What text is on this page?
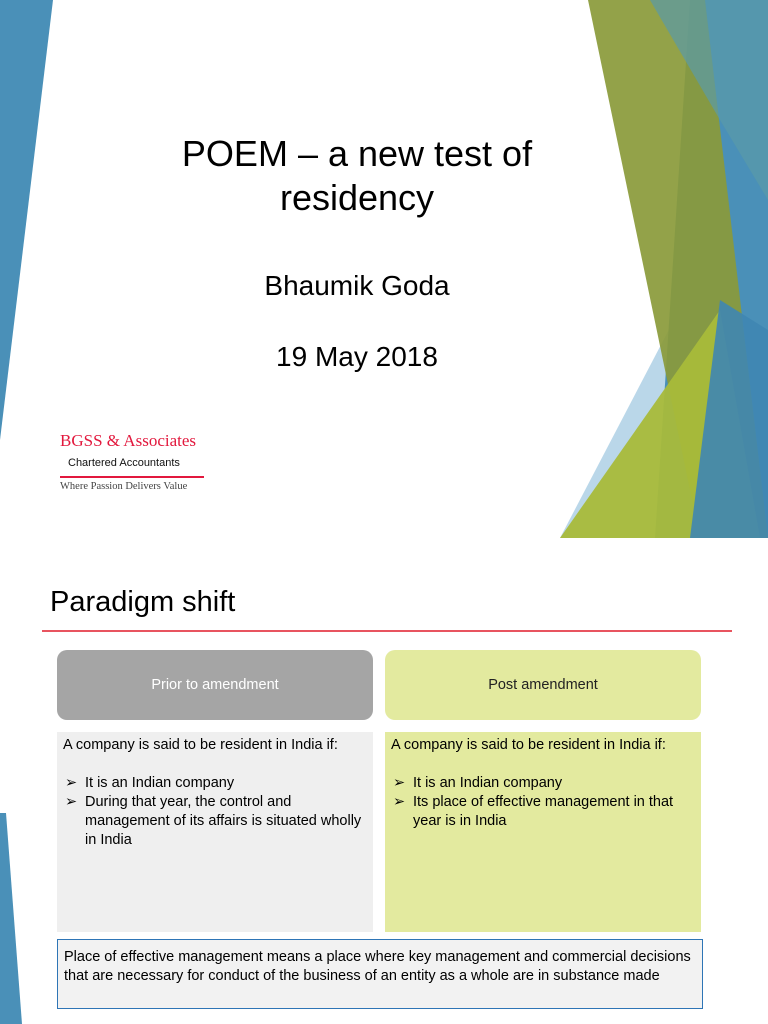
POEM – a new test of residency
Bhaumik Goda
19 May 2018
BGSS & Associates
Chartered Accountants
Where Passion Delivers Value
Paradigm shift
Prior to amendment	Post amendment

A company is said to be resident in India if:

➢ It is an Indian company
➢ During that year, the control and management of its affairs is situated wholly in India

A company is said to be resident in India if:

➢ It is an Indian company
➢ Its place of effective management in that year is in India
Place of effective management means a place where key management and commercial decisions that are necessary for conduct of the business of an entity as a whole are in substance made
